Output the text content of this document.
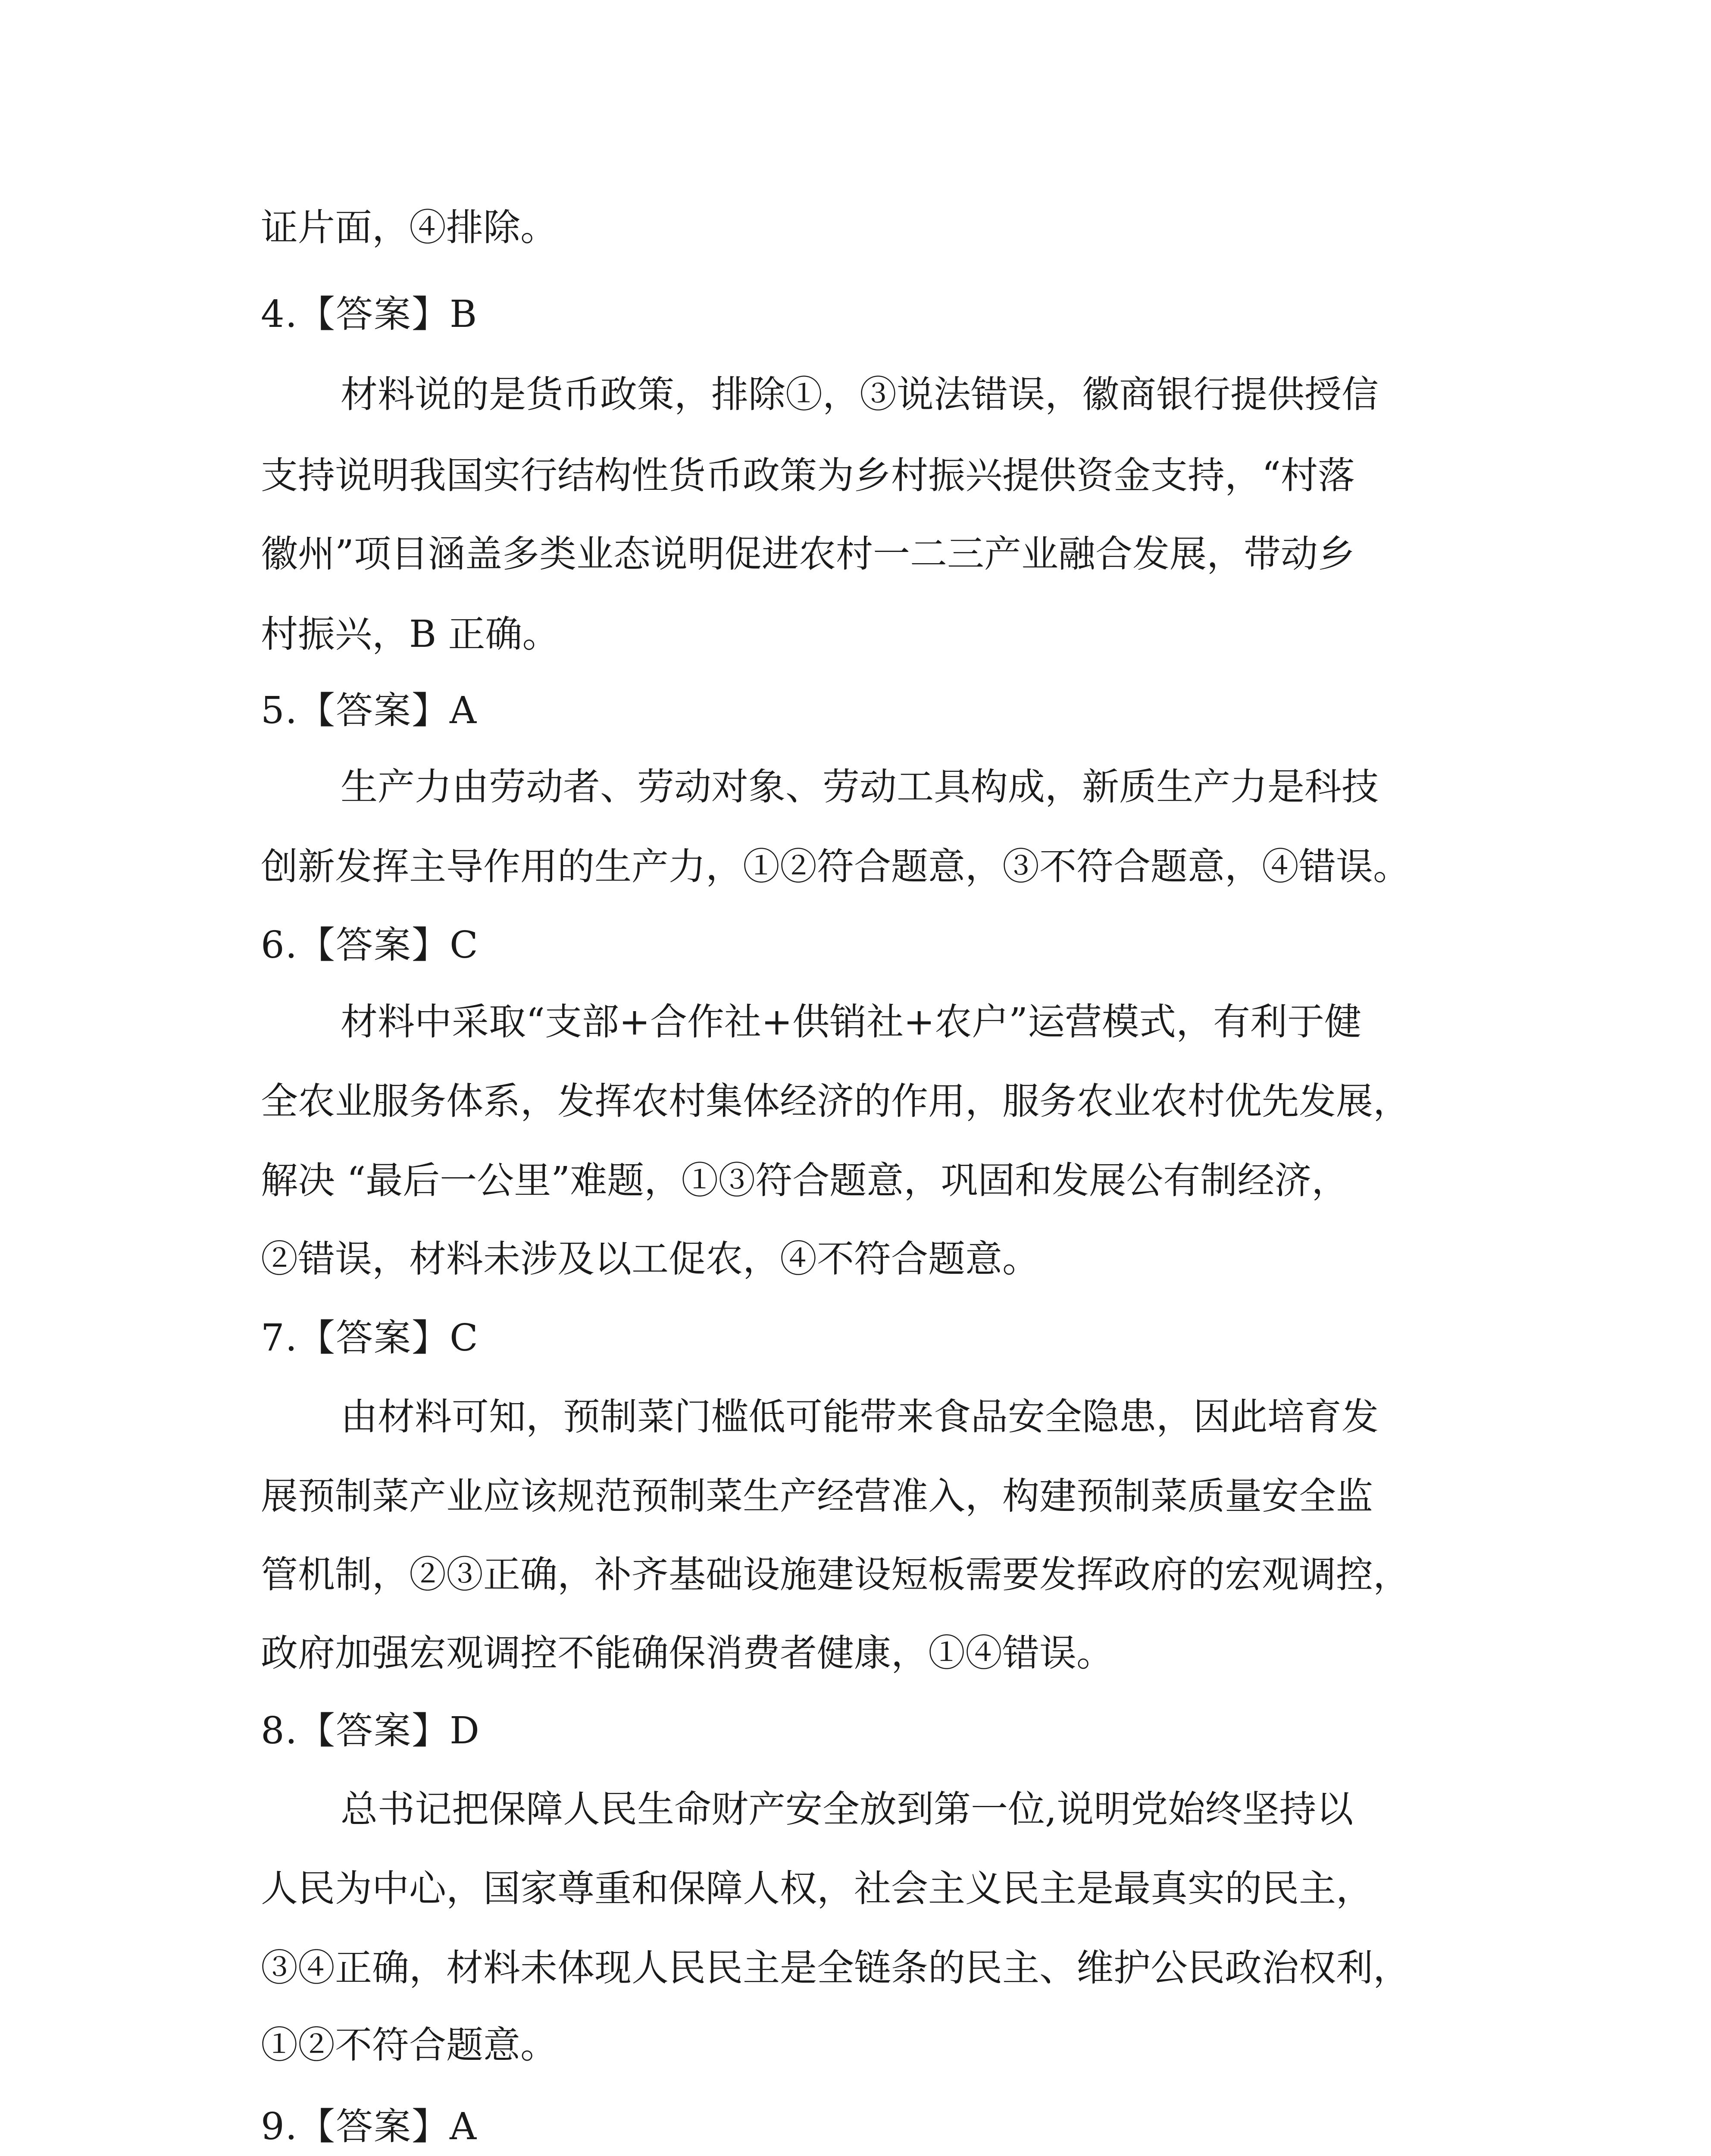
证片面，④排除。
4.【答案】B
材料说的是货币政策，排除①，③说法错误，徽商银行提供授信
支持说明我国实行结构性货币政策为乡村振兴提供资金支持，“村落
徽州”项目涵盖多类业态说明促进农村一二三产业融合发展，带动乡
村振兴，B 正确。
5.【答案】A
生产力由劳动者、劳动对象、劳动工具构成，新质生产力是科技
创新发挥主导作用的生产力，①②符合题意，③不符合题意，④错误。
6.【答案】C
材料中采取“支部+合作社+供销社+农户”运营模式，有利于健
全农业服务体系，发挥农村集体经济的作用，服务农业农村优先发展，
解决 “最后一公里”难题，①③符合题意，巩固和发展公有制经济，
②错误，材料未涉及以工促农，④不符合题意。
7.【答案】C
由材料可知，预制菜门槛低可能带来食品安全隐患，因此培育发
展预制菜产业应该规范预制菜生产经营准入，构建预制菜质量安全监
管机制，②③正确，补齐基础设施建设短板需要发挥政府的宏观调控，
政府加强宏观调控不能确保消费者健康，①④错误。
8.【答案】D
总书记把保障人民生命财产安全放到第一位,说明党始终坚持以
人民为中心，国家尊重和保障人权，社会主义民主是最真实的民主，
③④正确，材料未体现人民民主是全链条的民主、维护公民政治权利，
①②不符合题意。
9.【答案】A
